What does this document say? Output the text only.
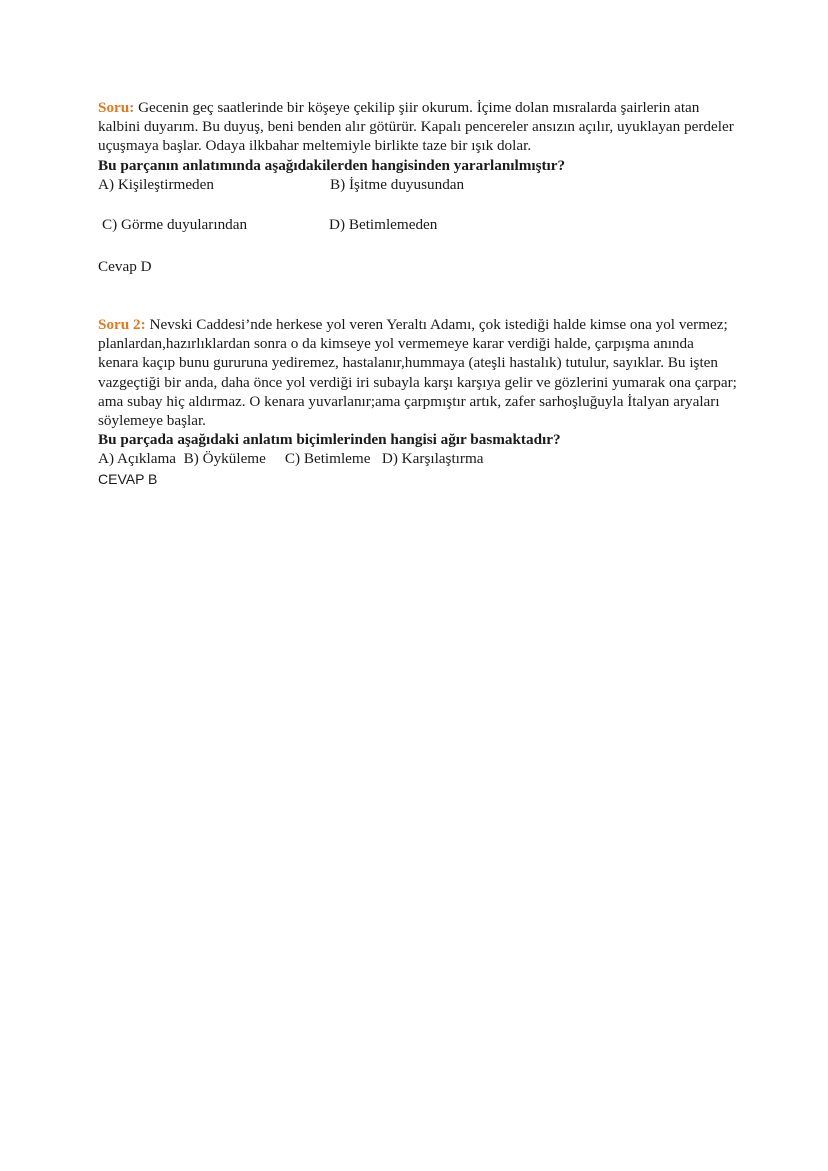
Soru: Gecenin geç saatlerinde bir köşeye çekilip şiir okurum. İçime dolan mısralarda şairlerin atan kalbini duyarım. Bu duyuş, beni benden alır götürür. Kapalı pencereler ansızın açılır, uyuklayan perdeler uçuşmaya başlar. Odaya ilkbahar meltemiyle birlikte taze bir ışık dolar.

Bu parçanın anlatımında aşağıdakilerden hangisinden yararlanılmıştır?

A) Kişileştirmeden	B) İşitme duyusundan
C) Görme duyularından	D) Betimlemeden
Cevap D

Soru 2: Nevski Caddesi’nde herkese yol veren Yeraltı Adamı, çok istediği halde kimse ona yol vermez; planlardan,hazırlıklardan sonra o da kimseye yol vermemeye karar verdiği halde, çarpışma anında kenara kaçıp bunu gururuna yediremez, hastalanır,hummaya (ateşli hastalık) tutulur, sayıklar. Bu işten vazgeçtiği bir anda, daha önce yol verdiği iri subayla karşı karşıya gelir ve gözlerini yumarak ona çarpar; ama subay hiç aldırmaz. O kenara yuvarlanır;ama çarpmıştır artık, zafer sarhoşluğuyla İtalyan aryaları söylemeye başlar.

Bu parçada aşağıdaki anlatım biçimlerinden hangisi ağır basmaktadır?

A) Açıklama  B) Öyküleme     C) Betimleme   D) Karşılaştırma

CEVAP B
